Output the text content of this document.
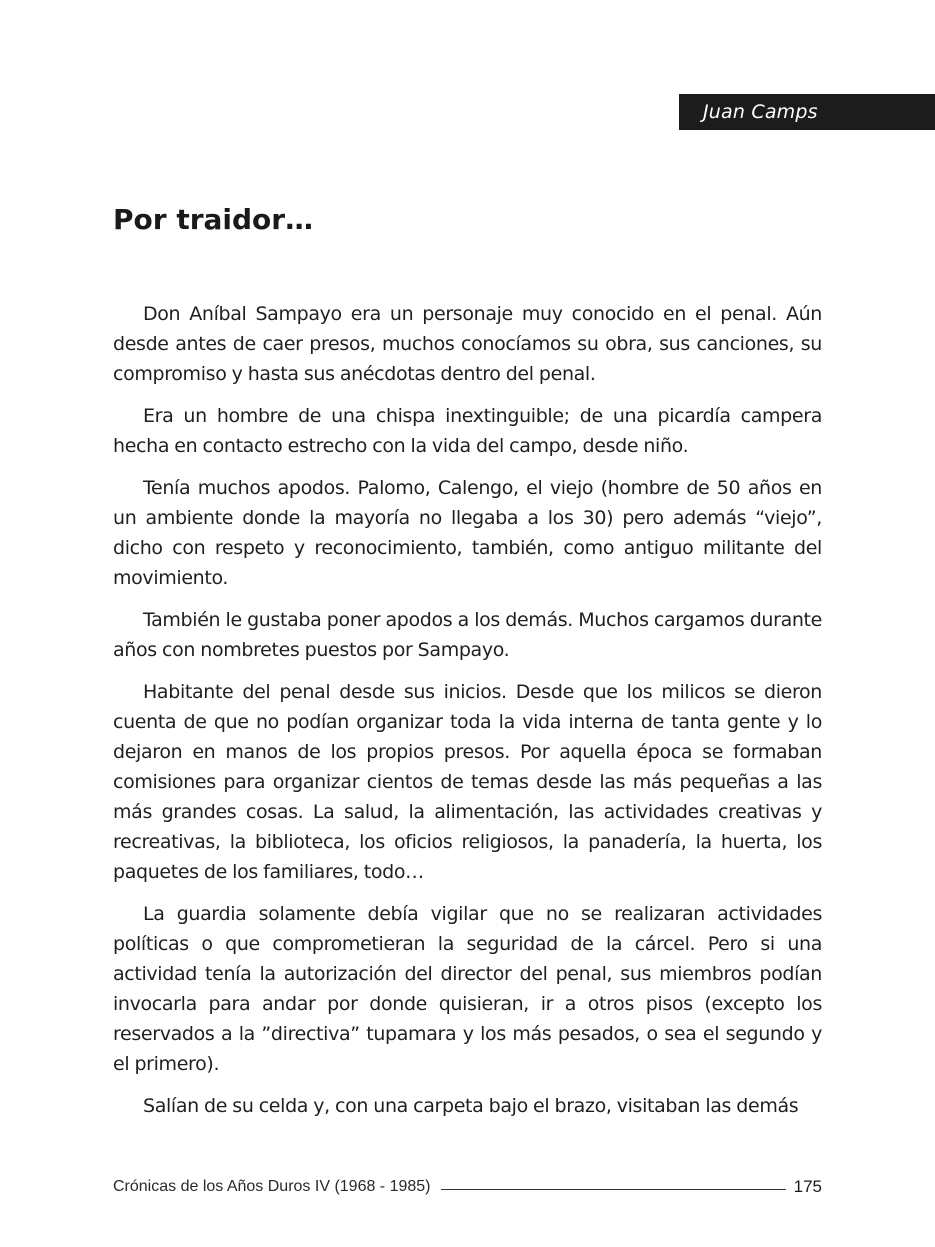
Juan Camps
Por traidor…

Don Aníbal Sampayo era un personaje muy conocido en el penal. Aún desde antes de caer presos, muchos conocíamos su obra, sus canciones, su compromiso y hasta sus anécdotas dentro del penal.

Era un hombre de una chispa inextinguible; de una picardía campera hecha en contacto estrecho con la vida del campo, desde niño.

Tenía muchos apodos. Palomo, Calengo, el viejo (hombre de 50 años en un ambiente donde la mayoría no llegaba a los 30) pero además “viejo”, dicho con respeto y reconocimiento, también, como antiguo militante del movimiento.

También le gustaba poner apodos a los demás. Muchos cargamos durante años con nombretes puestos por Sampayo.

Habitante del penal desde sus inicios. Desde que los milicos se dieron cuenta de que no podían organizar toda la vida interna de tanta gente y lo dejaron en manos de los propios presos. Por aquella época se formaban comisiones para organizar cientos de temas desde las más pequeñas a las más grandes cosas. La salud, la alimentación, las actividades creativas y recreativas, la biblioteca, los oficios religiosos, la panadería, la huerta, los paquetes de los familiares, todo…

La guardia solamente debía vigilar que no se realizaran actividades políticas o que comprometieran la seguridad de la cárcel. Pero si una actividad tenía la autorización del director del penal, sus miembros podían invocarla para andar por donde quisieran, ir a otros pisos (excepto los reservados a la ”directiva” tupamara y los más pesados, o sea el segundo y el primero).

Salían de su celda y, con una carpeta bajo el brazo, visitaban las demás

Crónicas de los Años Duros IV (1968 - 1985)	175
